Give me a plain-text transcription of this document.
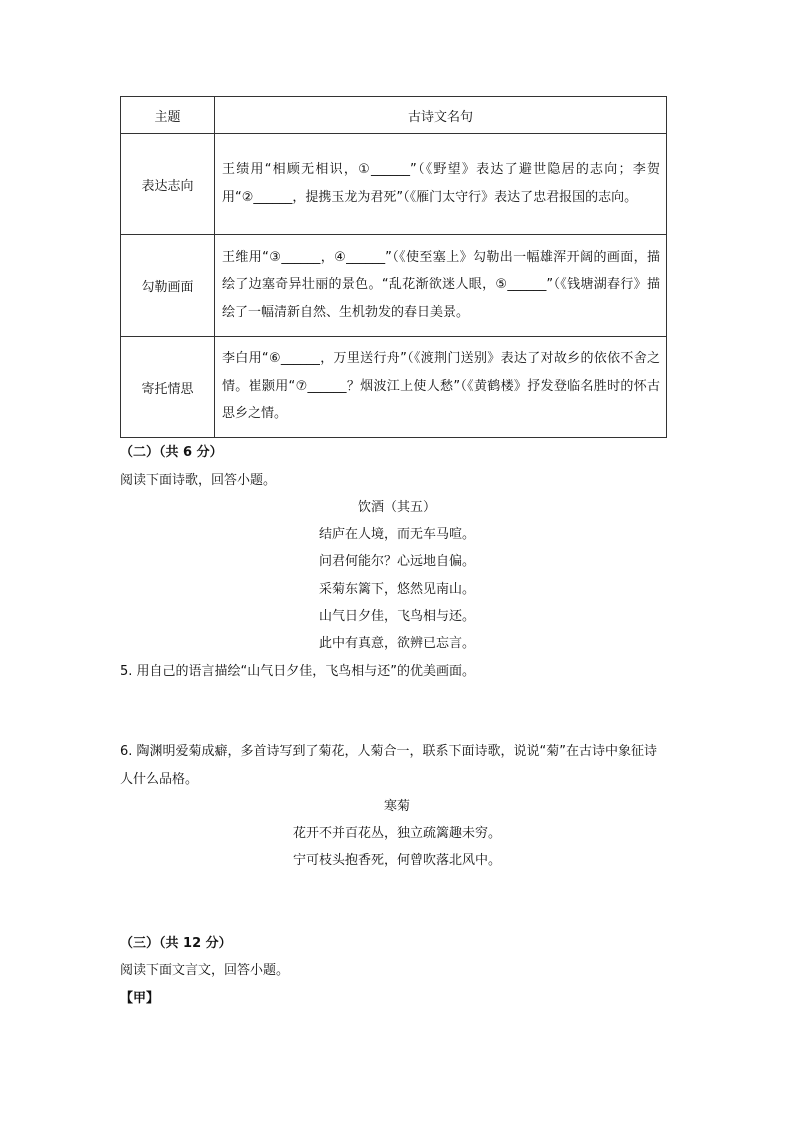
主题	古诗文名句
表达志向	王绩用“相顾无相识，①______”（《野望》表达了避世隐居的志向；李贺用“②______，提携玉龙为君死”（《雁门太守行》表达了忠君报国的志向。
勾勒画面	王维用“③______，④______”（《使至塞上》勾勒出一幅雄浑开阔的画面，描绘了边塞奇异壮丽的景色。“乱花渐欲迷人眼，⑤______”（《钱塘湖春行》描绘了一幅清新自然、生机勃发的春日美景。
寄托情思	李白用“⑥______，万里送行舟”（《渡荆门送别》表达了对故乡的依依不舍之情。崔颢用“⑦______？烟波江上使人愁”（《黄鹤楼》抒发登临名胜时的怀古思乡之情。
（二）（共 6 分）
阅读下面诗歌，回答小题。
饮酒（其五）
结庐在人境，而无车马喧。
问君何能尔？心远地自偏。
采菊东篱下，悠然见南山。
山气日夕佳，飞鸟相与还。
此中有真意，欲辨已忘言。
5. 用自己的语言描绘“山气日夕佳，飞鸟相与还”的优美画面。
6. 陶渊明爱菊成癖，多首诗写到了菊花，人菊合一，联系下面诗歌，说说“菊”在古诗中象征诗人什么品格。
寒菊
花开不并百花丛，独立疏篱趣未穷。
宁可枝头抱香死，何曾吹落北风中。
（三）（共 12 分）
阅读下面文言文，回答小题。
【甲】
